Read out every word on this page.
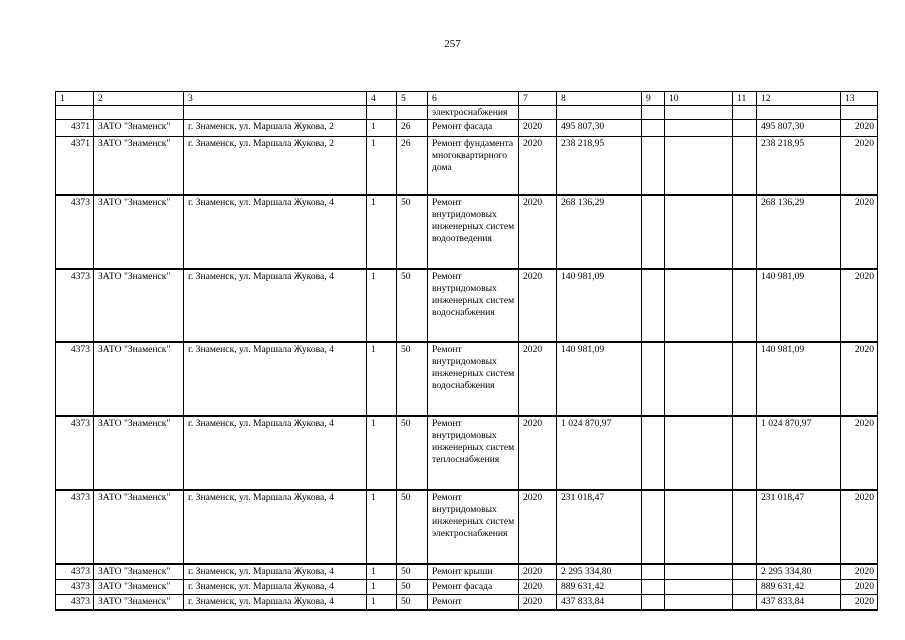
257
1	2	3	4	5	6	7	8	9	10	11	12	13
					электроснабжения							
4371	ЗАТО "Знаменск"	г. Знаменск, ул. Маршала Жукова, 2	1	26	Ремонт фасада	2020	495 807,30				495 807,30	2020
4371	ЗАТО "Знаменск"	г. Знаменск, ул. Маршала Жукова, 2	1	26	Ремонт фундамента многоквартирного дома	2020	238 218,95				238 218,95	2020
4373	ЗАТО "Знаменск"	г. Знаменск, ул. Маршала Жукова, 4	1	50	Ремонт внутридомовых инженерных систем водоотведения	2020	268 136,29				268 136,29	2020
4373	ЗАТО "Знаменск"	г. Знаменск, ул. Маршала Жукова, 4	1	50	Ремонт внутридомовых инженерных систем водоснабжения	2020	140 981,09				140 981,09	2020
4373	ЗАТО "Знаменск"	г. Знаменск, ул. Маршала Жукова, 4	1	50	Ремонт внутридомовых инженерных систем водоснабжения	2020	140 981,09				140 981,09	2020
4373	ЗАТО "Знаменск"	г. Знаменск, ул. Маршала Жукова, 4	1	50	Ремонт внутридомовых инженерных систем теплоснабжения	2020	1 024 870,97				1 024 870,97	2020
4373	ЗАТО "Знаменск"	г. Знаменск, ул. Маршала Жукова, 4	1	50	Ремонт внутридомовых инженерных систем электроснабжения	2020	231 018,47				231 018,47	2020
4373	ЗАТО "Знаменск"	г. Знаменск, ул. Маршала Жукова, 4	1	50	Ремонт крыши	2020	2 295 334,80				2 295 334,80	2020
4373	ЗАТО "Знаменск"	г. Знаменск, ул. Маршала Жукова, 4	1	50	Ремонт фасада	2020	889 631,42				889 631,42	2020
4373	ЗАТО "Знаменск"	г. Знаменск, ул. Маршала Жукова, 4	1	50	Ремонт	2020	437 833,84				437 833,84	2020
